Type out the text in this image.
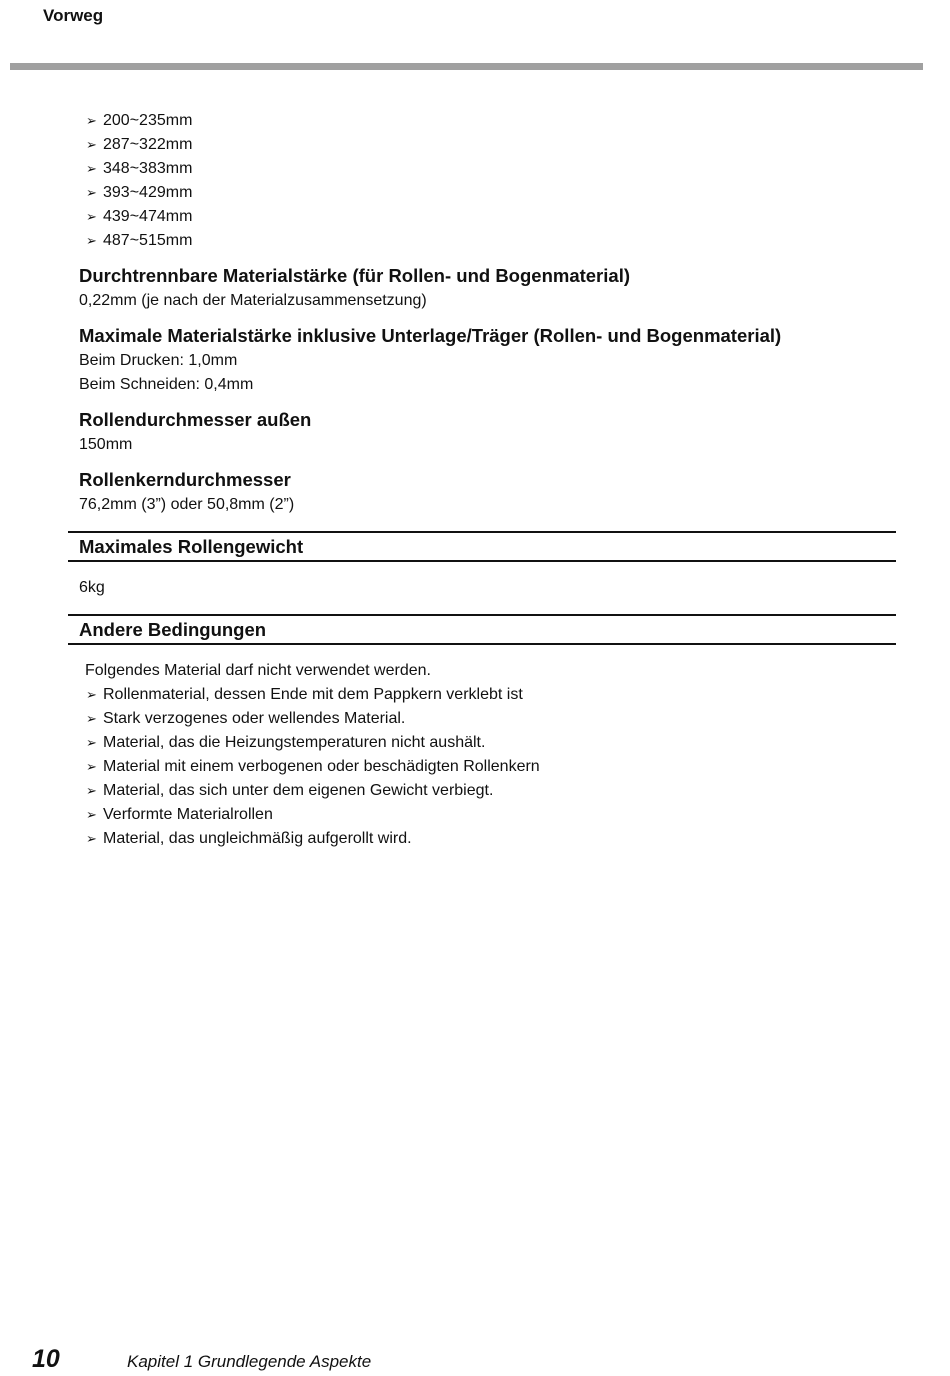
Vorweg
➢ 200~235mm
➢ 287~322mm
➢ 348~383mm
➢ 393~429mm
➢ 439~474mm
➢ 487~515mm
Durchtrennbare Materialstärke (für Rollen- und Bogenmaterial)
0,22mm (je nach der Materialzusammensetzung)
Maximale Materialstärke inklusive Unterlage/Träger (Rollen- und Bogenmaterial)
Beim Drucken: 1,0mm
Beim Schneiden: 0,4mm
Rollendurchmesser außen
150mm
Rollenkerndurchmesser
76,2mm (3”) oder 50,8mm (2”)
Maximales Rollengewicht
6kg
Andere Bedingungen
Folgendes Material darf nicht verwendet werden.
➢ Rollenmaterial, dessen Ende mit dem Pappkern verklebt ist
➢ Stark verzogenes oder wellendes Material.
➢ Material, das die Heizungstemperaturen nicht aushält.
➢ Material mit einem verbogenen oder beschädigten Rollenkern
➢ Material, das sich unter dem eigenen Gewicht verbiegt.
➢ Verformte Materialrollen
➢ Material, das ungleichmäßig aufgerollt wird.
10	Kapitel 1 Grundlegende Aspekte
